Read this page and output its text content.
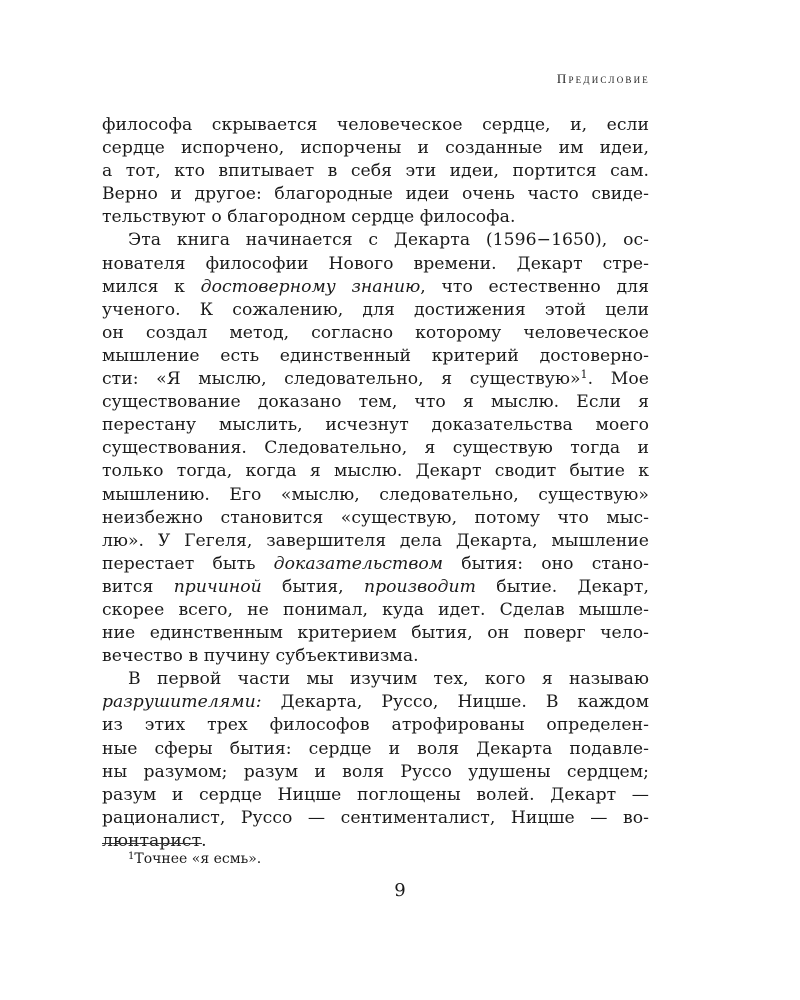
Предисловие
философа скрывается человеческое сердце, и, если
сердце испорчено, испорчены и созданные им идеи,
а тот, кто впитывает в себя эти идеи, портится сам.
Верно и другое: благородные идеи очень часто свиде-
тельствуют о благородном сердце философа.
Эта книга начинается с Декарта (1596−1650), ос-
нователя философии Нового времени. Декарт стре-
мился к достоверному знанию, что естественно для
ученого. К сожалению, для достижения этой цели
он создал метод, согласно которому человеческое
мышление есть единственный критерий достоверно-
сти: «Я мыслю, следовательно, я существую»$^1$. Мое
существование доказано тем, что я мыслю. Если я
перестану мыслить, исчезнут доказательства моего
существования. Следовательно, я существую тогда и
только тогда, когда я мыслю. Декарт сводит бытие к
мышлению. Его «мыслю, следовательно, существую»
неизбежно становится «существую, потому что мыс-
лю». У Гегеля, завершителя дела Декарта, мышление
перестает быть доказательством бытия: оно стано-
вится причиной бытия, производит бытие. Декарт,
скорее всего, не понимал, куда идет. Сделав мышле-
ние единственным критерием бытия, он поверг чело-
вечество в пучину субъективизма.
В первой части мы изучим тех, кого я называю
разрушителями: Декарта, Руссо, Ницше. В каждом
из этих трех философов атрофированы определен-
ные сферы бытия: сердце и воля Декарта подавле-
ны разумом; разум и воля Руссо удушены сердцем;
разум и сердце Ницше поглощены волей. Декарт —
рационалист, Руссо — сентименталист, Ницше — во-
люнтарист.
$^1$Точнее «я есмь».
9
